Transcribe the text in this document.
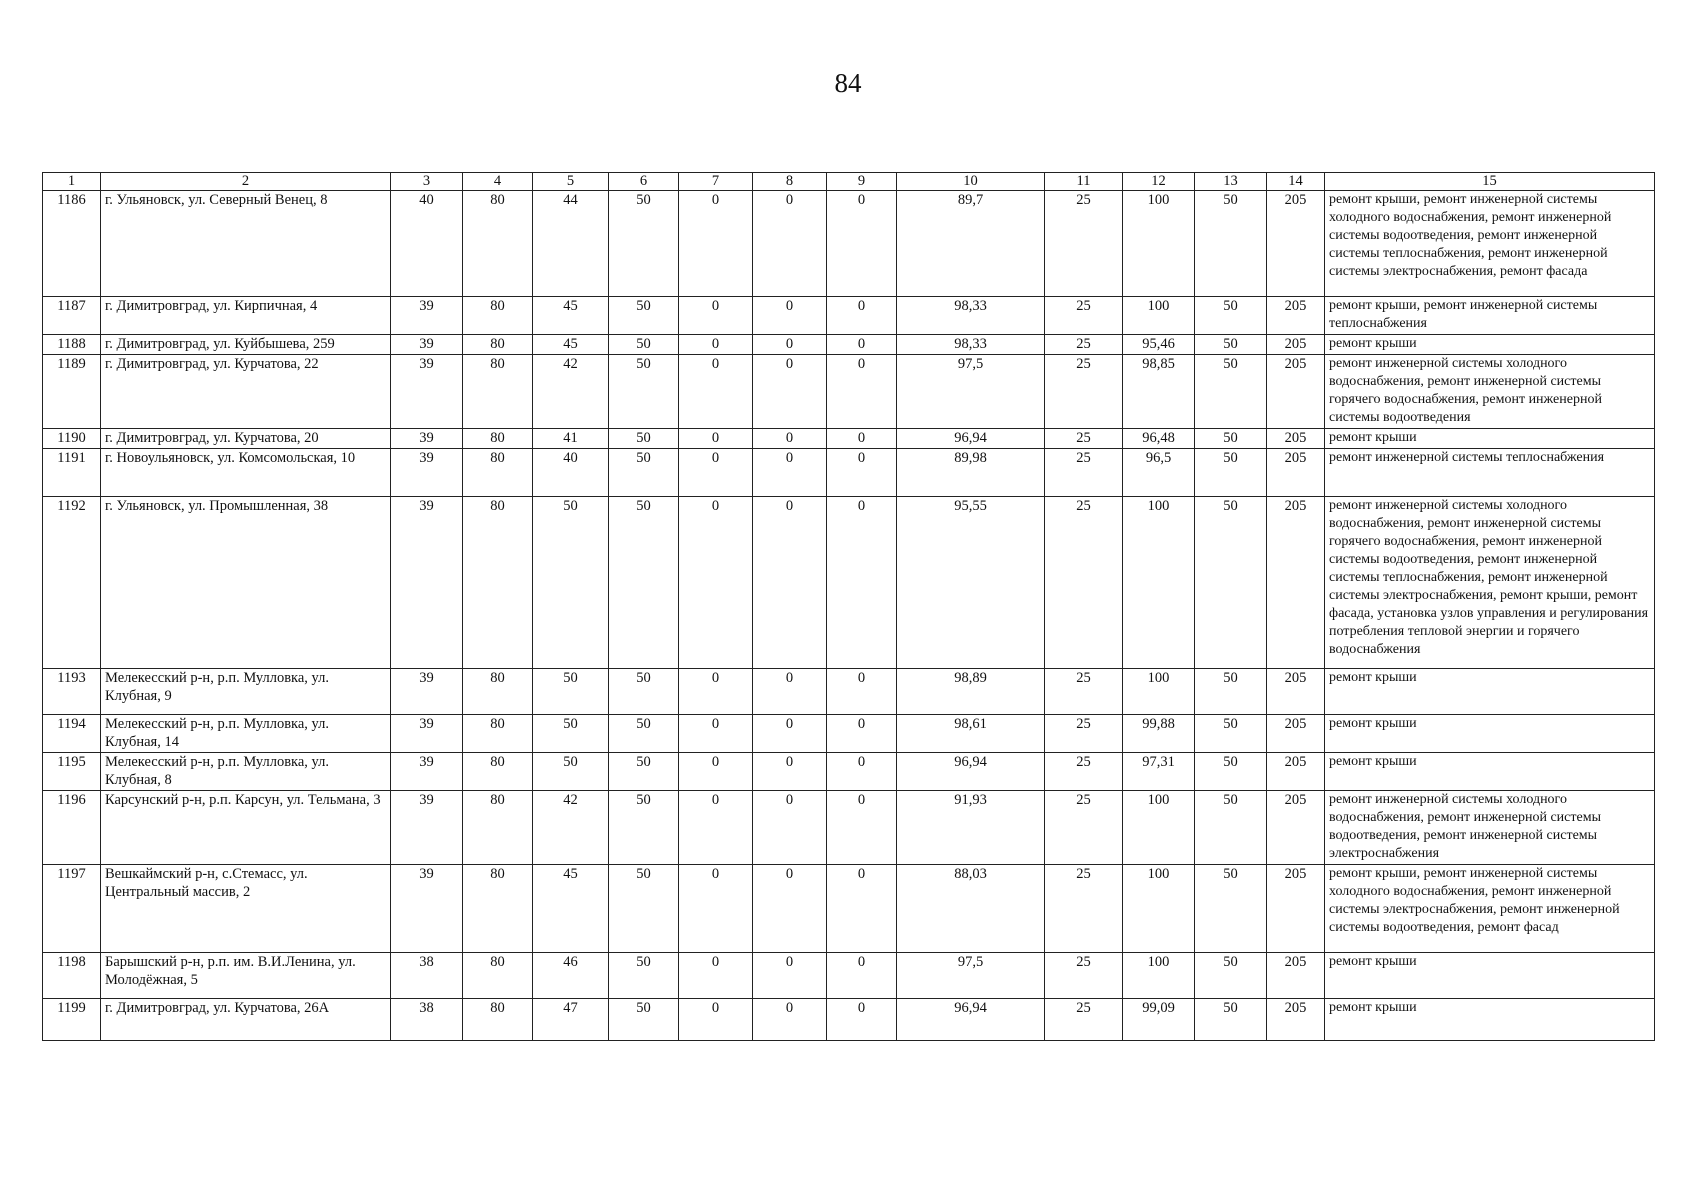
84
1	2	3	4	5	6	7	8	9	10	11	12	13	14	15
1186	г. Ульяновск, ул. Северный Венец, 8	40	80	44	50	0	0	0	89,7	25	100	50	205	ремонт крыши, ремонт инженерной системы холодного водоснабжения, ремонт инженерной системы водоотведения, ремонт инженерной системы теплоснабжения, ремонт инженерной системы электроснабжения, ремонт фасада
1187	г. Димитровград, ул. Кирпичная, 4	39	80	45	50	0	0	0	98,33	25	100	50	205	ремонт крыши, ремонт инженерной системы теплоснабжения
1188	г. Димитровград, ул. Куйбышева, 259	39	80	45	50	0	0	0	98,33	25	95,46	50	205	ремонт крыши
1189	г. Димитровград, ул. Курчатова, 22	39	80	42	50	0	0	0	97,5	25	98,85	50	205	ремонт инженерной системы холодного водоснабжения, ремонт инженерной системы горячего водоснабжения, ремонт инженерной системы водоотведения
1190	г. Димитровград, ул. Курчатова, 20	39	80	41	50	0	0	0	96,94	25	96,48	50	205	ремонт крыши
1191	г. Новоульяновск, ул. Комсомольская, 10	39	80	40	50	0	0	0	89,98	25	96,5	50	205	ремонт инженерной системы теплоснабжения
1192	г. Ульяновск, ул. Промышленная, 38	39	80	50	50	0	0	0	95,55	25	100	50	205	ремонт инженерной системы холодного водоснабжения, ремонт инженерной системы горячего водоснабжения, ремонт инженерной системы водоотведения, ремонт инженерной системы теплоснабжения, ремонт инженерной системы электроснабжения, ремонт крыши, ремонт фасада, установка узлов управления и регулирования потребления тепловой энергии и горячего водоснабжения
1193	Мелекесский р-н, р.п. Мулловка, ул. Клубная, 9	39	80	50	50	0	0	0	98,89	25	100	50	205	ремонт крыши
1194	Мелекесский р-н, р.п. Мулловка, ул. Клубная, 14	39	80	50	50	0	0	0	98,61	25	99,88	50	205	ремонт крыши
1195	Мелекесский р-н, р.п. Мулловка, ул. Клубная, 8	39	80	50	50	0	0	0	96,94	25	97,31	50	205	ремонт крыши
1196	Карсунский р-н, р.п. Карсун, ул. Тельмана, 3	39	80	42	50	0	0	0	91,93	25	100	50	205	ремонт инженерной системы холодного водоснабжения, ремонт инженерной системы водоотведения, ремонт инженерной системы электроснабжения
1197	Вешкаймский р-н, с.Стемасс, ул. Центральный массив, 2	39	80	45	50	0	0	0	88,03	25	100	50	205	ремонт крыши, ремонт инженерной системы холодного водоснабжения, ремонт инженерной системы электроснабжения, ремонт инженерной системы водоотведения, ремонт фасад
1198	Барышский р-н, р.п. им. В.И.Ленина, ул. Молодёжная, 5	38	80	46	50	0	0	0	97,5	25	100	50	205	ремонт крыши
1199	г. Димитровград, ул. Курчатова, 26А	38	80	47	50	0	0	0	96,94	25	99,09	50	205	ремонт крыши
